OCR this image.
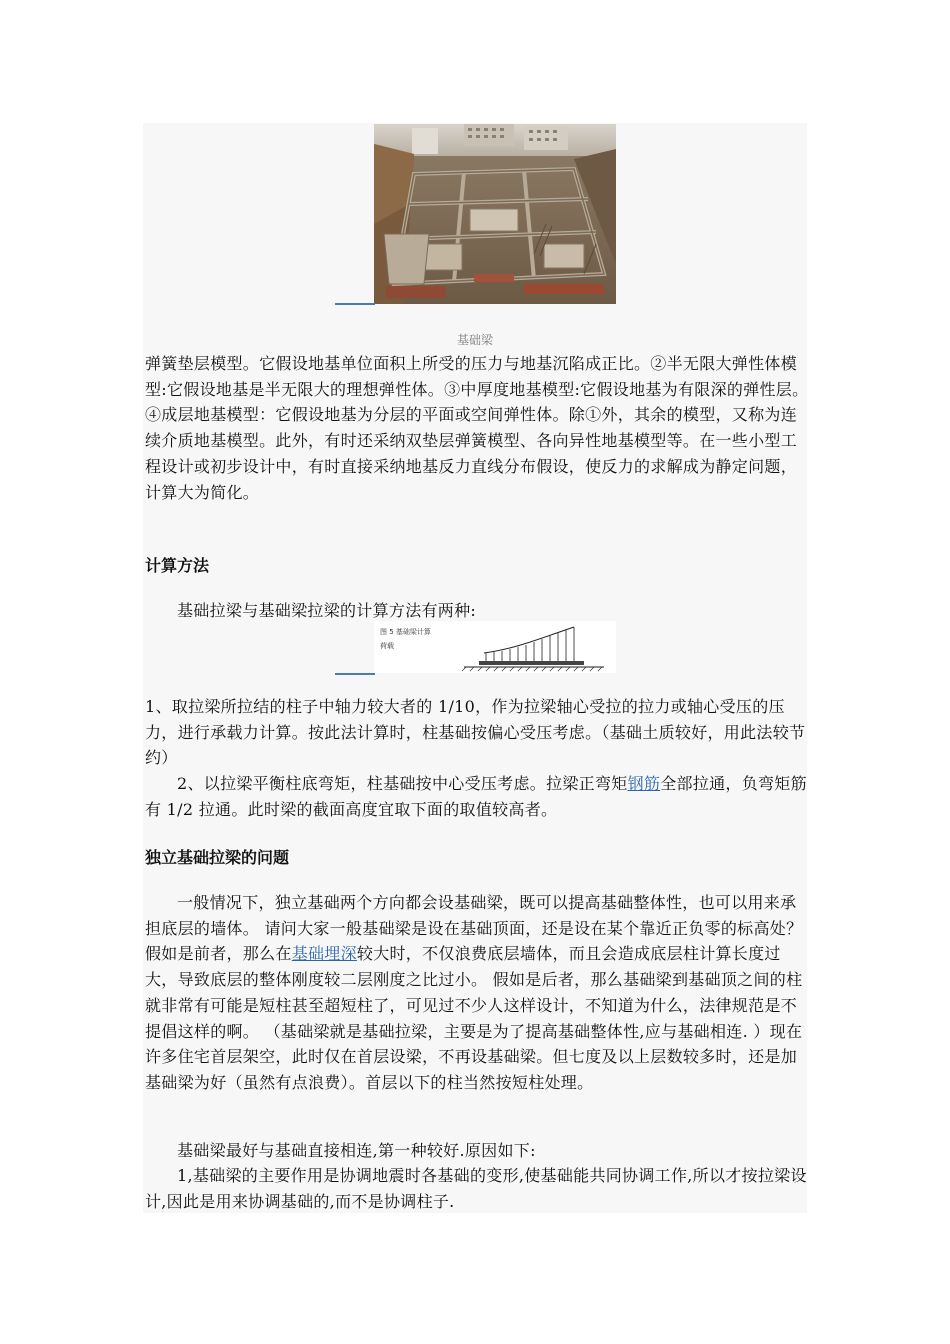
基础梁

弹簧垫层模型。它假设地基单位面积上所受的压力与地基沉陷成正比。②半无限大弹性体模型:它假设地基是半无限大的理想弹性体。③中厚度地基模型:它假设地基为有限深的弹性层。④成层地基模型：它假设地基为分层的平面或空间弹性体。除①外，其余的模型，又称为连续介质地基模型。此外，有时还采纳双垫层弹簧模型、各向异性地基模型等。在一些小型工程设计或初步设计中，有时直接采纳地基反力直线分布假设，使反力的求解成为静定问题，计算大为简化。

计算方法

基础拉梁与基础梁拉梁的计算方法有两种:

图 5 基础梁计算
荷载

1、取拉梁所拉结的柱子中轴力较大者的 1/10，作为拉梁轴心受拉的拉力或轴心受压的压力，进行承载力计算。按此法计算时，柱基础按偏心受压考虑。（基础土质较好，用此法较节约）

2、以拉梁平衡柱底弯矩，柱基础按中心受压考虑。拉梁正弯矩钢筋全部拉通，负弯矩筋有 1/2 拉通。此时梁的截面高度宜取下面的取值较高者。

独立基础拉梁的问题

一般情况下，独立基础两个方向都会设基础梁，既可以提高基础整体性，也可以用来承担底层的墙体。 请问大家一般基础梁是设在基础顶面，还是设在某个靠近正负零的标高处？ 假如是前者，那么在基础埋深较大时，不仅浪费底层墙体，而且会造成底层柱计算长度过大，导致底层的整体刚度较二层刚度之比过小。 假如是后者，那么基础梁到基础顶之间的柱就非常有可能是短柱甚至超短柱了，可见过不少人这样设计，不知道为什么，法律规范是不提倡这样的啊。 （基础梁就是基础拉梁，主要是为了提高基础整体性,应与基础相连. ）现在许多住宅首层架空，此时仅在首层设梁，不再设基础梁。但七度及以上层数较多时，还是加基础梁为好（虽然有点浪费）。首层以下的柱当然按短柱处理。

基础梁最好与基础直接相连,第一种较好.原因如下:

1,基础梁的主要作用是协调地震时各基础的变形,使基础能共同协调工作,所以才按拉梁设计,因此是用来协调基础的,而不是协调柱子.
